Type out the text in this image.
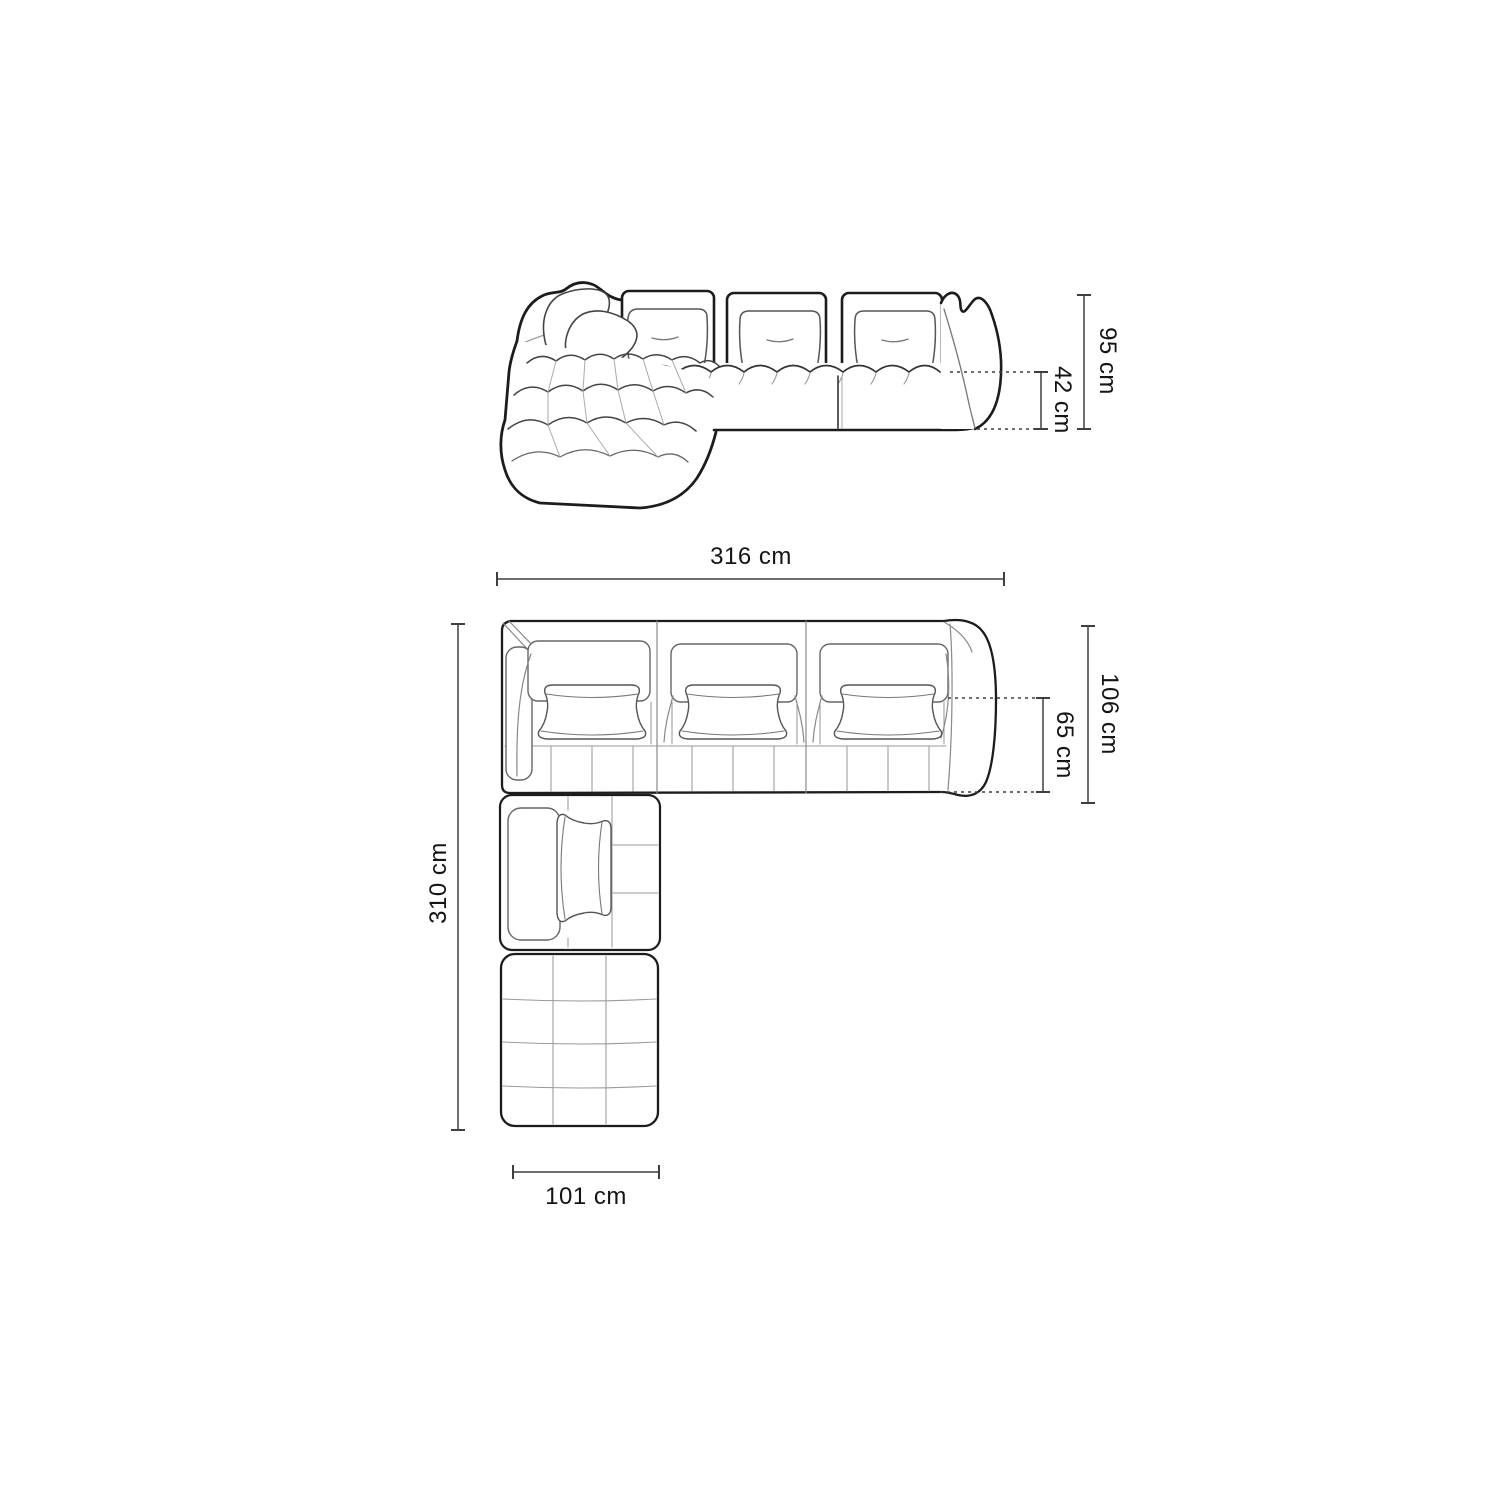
95 cm
42 cm
316 cm
106 cm
65 cm
310 cm
101 cm
